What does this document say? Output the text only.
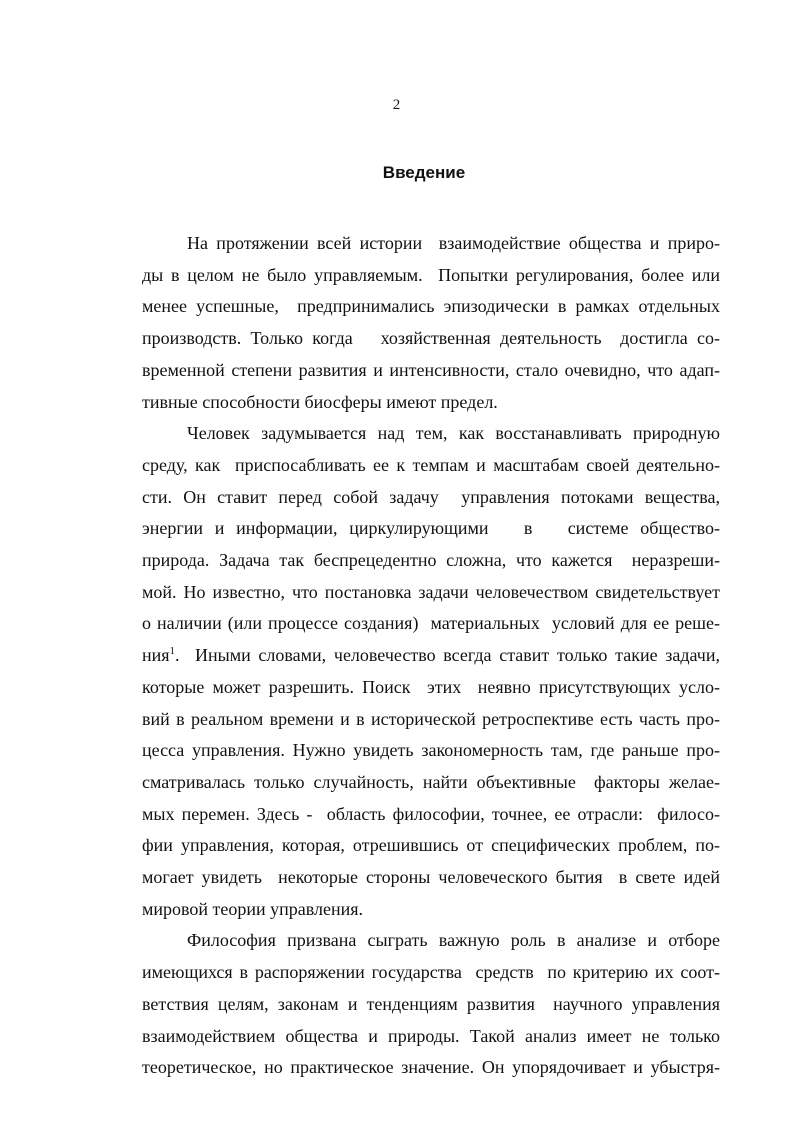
2
Введение
На протяжении всей истории  взаимодействие общества и приро-
ды в целом не было управляемым.  Попытки регулирования, более или
менее успешные,  предпринимались эпизодически в рамках отдельных
производств. Только когда   хозяйственная деятельность  достигла со-
временной степени развития и интенсивности, стало очевидно, что адап-
тивные способности биосферы имеют предел.
Человек задумывается над тем, как восстанавливать природную
среду, как  приспосабливать ее к темпам и масштабам своей деятельно-
сти. Он ставит перед собой задачу  управления потоками вещества,
энергии и информации, циркулирующими   в   системе общество-
природа. Задача так беспрецедентно сложна, что кажется  неразреши-
мой. Но известно, что постановка задачи человечеством свидетельствует
о наличии (или процессе создания)  материальных  условий для ее реше-
ния$^1$.  Иными словами, человечество всегда ставит только такие задачи,
которые может разрешить. Поиск  этих  неявно присутствующих усло-
вий в реальном времени и в исторической ретроспективе есть часть про-
цесса управления. Нужно увидеть закономерность там, где раньше про-
сматривалась только случайность, найти объективные  факторы желае-
мых перемен. Здесь -  область философии, точнее, ее отрасли:  филосо-
фии управления, которая, отрешившись от специфических проблем, по-
могает увидеть  некоторые стороны человеческого бытия  в свете идей
мировой теории управления.
Философия призвана сыграть важную роль в анализе и отборе
имеющихся в распоряжении государства  средств  по критерию их соот-
ветствия целям, законам и тенденциям развития  научного управления
взаимодействием общества и природы. Такой анализ имеет не только
теоретическое, но практическое значение. Он упорядочивает и убыстря-
